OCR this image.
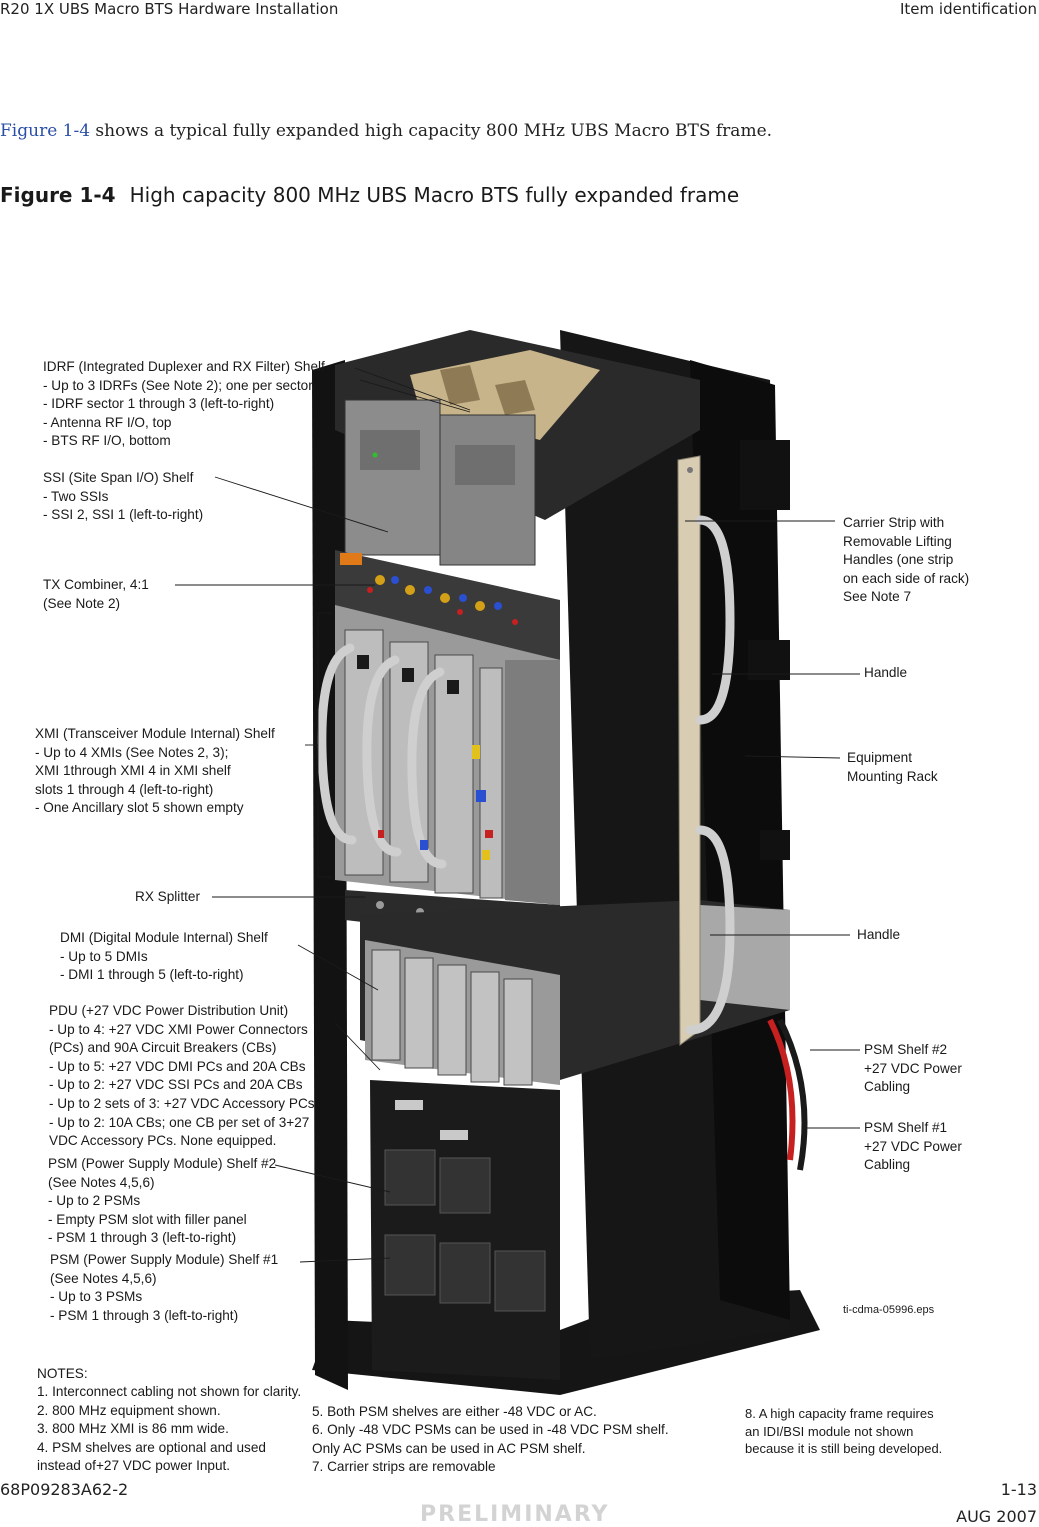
R20 1X UBS Macro BTS Hardware Installation	Item identification
Figure 1-4 shows a typical fully expanded high capacity 800 MHz UBS Macro BTS frame.
Figure 1-4 High capacity 800 MHz UBS Macro BTS fully expanded frame
IDRF (Integrated Duplexer and RX Filter) Shelf
- Up to 3 IDRFs (See Note 2); one per sector
- IDRF sector 1 through 3 (left-to-right)
- Antenna RF I/O, top
- BTS RF I/O, bottom
SSI (Site Span I/O) Shelf
- Two SSIs
- SSI 2, SSI 1 (left-to-right)
TX Combiner, 4:1
(See Note 2)
XMI (Transceiver Module Internal) Shelf
- Up to 4 XMIs (See Notes 2, 3);
XMI 1through XMI 4 in XMI shelf
slots 1 through 4 (left-to-right)
- One Ancillary slot 5 shown empty
RX Splitter
DMI (Digital Module Internal) Shelf
- Up to 5 DMIs
- DMI 1 through 5 (left-to-right)
PDU (+27 VDC Power Distribution Unit)
- Up to 4: +27 VDC XMI Power Connectors
(PCs) and 90A Circuit Breakers (CBs)
- Up to 5: +27 VDC DMI PCs and 20A CBs
- Up to 2: +27 VDC SSI PCs and 20A CBs
- Up to 2 sets of 3: +27 VDC Accessory PCs
- Up to 2: 10A CBs; one CB per set of 3+27
VDC Accessory PCs. None equipped.
PSM (Power Supply Module) Shelf #2
(See Notes 4,5,6)
- Up to 2 PSMs
- Empty PSM slot with filler panel
- PSM 1 through 3 (left-to-right)
PSM (Power Supply Module) Shelf #1
(See Notes 4,5,6)
- Up to 3 PSMs
- PSM 1 through 3 (left-to-right)
Carrier Strip with
Removable Lifting
Handles (one strip
on each side of rack)
See Note 7
Handle
Equipment
Mounting Rack
Handle
PSM Shelf #2
+27 VDC Power
Cabling
PSM Shelf #1
+27 VDC Power
Cabling
ti-cdma-05996.eps
NOTES:
1. Interconnect cabling not shown for clarity.
2. 800 MHz equipment shown.
3. 800 MHz XMI is 86 mm wide.
4. PSM shelves are optional and used
instead of+27 VDC power Input.
5. Both PSM shelves are either -48 VDC or AC.
6. Only -48 VDC PSMs can be used in -48 VDC PSM shelf.
Only AC PSMs can be used in AC PSM shelf.
7. Carrier strips are removable
8. A high capacity frame requires
an IDI/BSI module not shown
because it is still being developed.
68P09283A62-2	1-13
PRELIMINARY	AUG 2007
